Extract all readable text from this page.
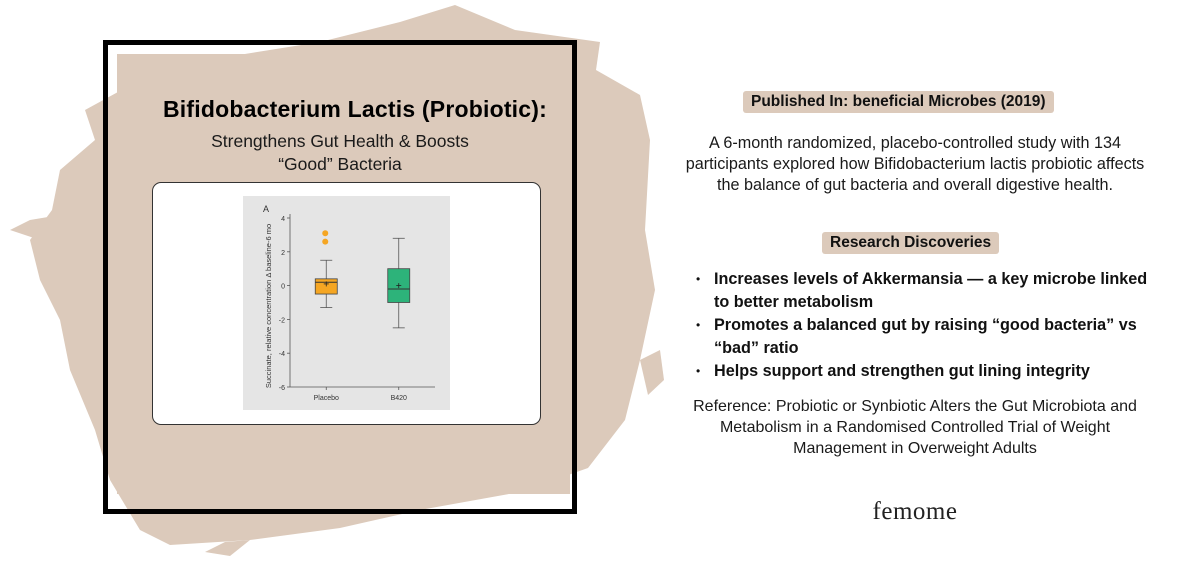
Bifidobacterium Lactis (Probiotic):
Strengthens Gut Health & Boosts
“Good” Bacteria
A
Succinate, relative concentration Δ baseline-6 mo
-6
-4
-2
0
2
4
Placebo	B420
Published In: beneficial Microbes (2019)

A 6-month randomized, placebo-controlled study with 134 participants explored how Bifidobacterium lactis probiotic affects the balance of gut bacteria and overall digestive health.

Research Discoveries
• Increases levels of Akkermansia — a key microbe linked to better metabolism
• Promotes a balanced gut by raising “good bacteria” vs “bad” ratio
• Helps support and strengthen gut lining integrity

Reference: Probiotic or Synbiotic Alters the Gut Microbiota and Metabolism in a Randomised Controlled Trial of Weight Management in Overweight Adults

femome
